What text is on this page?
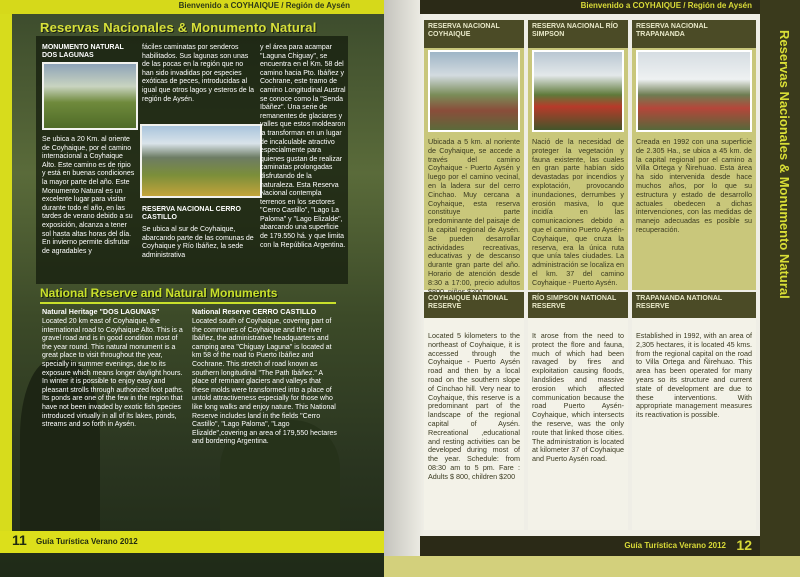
Bienvenido a COYHAIQUE / Región de Aysén
Reservas Nacionales & Monumento Natural
MONUMENTO NATURAL DOS LAGUNAS
RESERVA NACIONAL CERRO CASTILLO
Se ubica a 20 Km. al oriente de Coyhaique, por el camino internacional a Coyhaique Alto. Este camino es de ripio y está en buenas condiciones la mayor parte del año. Este Monumento Natural es un excelente lugar para visitar durante todo el año, en las tardes de verano debido a su exposición, alcanza a tener sol hasta altas horas del día. En invierno permite disfrutar de agradables y
fáciles caminatas por senderos habilitados. Sus lagunas son unas de las pocas en la región que no han sido invadidas por especies exóticas de peces, introducidas al igual que otros lagos y esteros de la región de Aysén.
Se ubica al sur de Coyhaique, abarcando parte de las comunas de Coyhaique y Río Ibáñez, la sede administrativa
y el área para acampar "Laguna Chiguay", se encuentra en el Km. 58 del camino hacia Pto. Ibáñez y Cochrane, este tramo de camino Longitudinal Austral se conoce como la "Senda Ibáñez". Una serie de remanentes de glaciares y valles que estos moldearon la transforman en un lugar de incalculable atractivo especialmente para quienes gustan de realizar caminatas prolongadas disfrutando de la naturaleza. Esta Reserva Nacional contempla terrenos en los sectores "Cerro Castillo", "Lago La Paloma" y "Lago Elizalde", abarcando una superficie de 179.550 há. y que limita con la República Argentina.
National Reserve and Natural Monuments
Natural Heritage "DOS LAGUNAS"
Located 20 km east of Coyhaique, the international road to Coyhaique Alto. This is a gravel road and is in good condition most of the year round. This natural monument is a great place to visit throughout the year, specially in summer evenings, due to its exposure which means longer daylight hours. In winter it is possible to enjoy easy and pleasant strolls through authorized foot paths. Its ponds are one of the few in the region that have not been invaded by exotic fish species introduced virtually in all of its lakes, ponds, streams and so forth in Aysén.
National Reserve CERRO CASTILLO
Located south of Coyhaique, covering part of the communes of Coyhaique and the river Ibáñez, the administrative headquarters and camping area "Chiguay Laguna" is located at km 58 of the road to Puerto Ibáñez and Cochrane. This stretch of road known as southern longitudinal "The Path Ibáñez." A place of remnant glaciers and valleys that these molds were transformed into a place of untold attractiveness especially for those who like long walks and enjoy nature. This National Reserve includes land in the fields "Cerro Castillo", "Lago Paloma", "Lago Elizalde",covering an area of 179,550 hectares and bordering Argentina.
11 Guía Turística Verano 2012
Bienvenido a COYHAIQUE / Región de Aysén
RESERVA NACIONAL COYHAIQUE
Ubicada a 5 km. al noriente de Coyhaique, se accede a través del camino Coyhaique - Puerto Aysén y luego por el camino vecinal, en la ladera sur del cerro Cinchao. Muy cercana a Coyhaique, esta reserva constituye parte predominante del paisaje de la capital regional de Aysén. Se pueden desarrollar actividades recreativas, educativas y de descanso durante gran parte del año. Horario de atención desde 8:30 a 17:00, precio adultos
COYHAIQUE NATIONAL RESERVE
Located 5 kilometers to the northeast of Coyhaique, it is accessed through the Coyhaique - Puerto Aysén road and then by a local road on the southern slope of Cinchao hill. Very near to Coyhaique, this reserve is a predominant part of the landscape of the regional capital of Aysén. Recreational ,educational and resting activities can be developed during most of the year. Schedule: from 08:30 am to 5 pm. Fare : Adults $ 800, children $200
RESERVA NACIONAL RÍO SIMPSON
Nació de la necesidad de proteger la vegetación y fauna existente, las cuales en gran parte habían sido devastadas por incendios y explotación, provocando inundaciones, derrumbes y erosión masiva, lo que incidía en las comunicaciones debido a que el camino Puerto Aysén-Coyhaique, que cruza la reserva, era la única ruta que unía tales ciudades. La administración se localiza en el km. 37 del camino Coyhaique - Puerto Aysén.
RÍO SIMPSON NATIONAL RESERVE
It arose from the need to protect the flore and fauna, much of which had been ravaged by fires and exploitation causing floods, landslides and massive erosion which affected communication because the road Puerto Aysén-Coyhaique, which intersects the reserve, was the only route that linked those cities. The administration is located at kilometer 37 of Coyhaique and Puerto Aysén road.
RESERVA NACIONAL TRAPANANDA
Creada en 1992 con una superficie de 2.305 Ha., se ubica a 45 km. de la capital regional por el camino a Villa Ortega y Ñirehuao. Esta área ha sido intervenida desde hace muchos años, por lo que su estructura y estado de desarrollo actuales obedecen a dichas intervenciones, con las medidas de manejo adecuadas es posible su recuperación.
TRAPANANDA NATIONAL RESERVE
Established in 1992, with an area of 2,305 hectares, it is located 45 kms. from the regional capital on the road to Villa Ortega and Ñirehuao. This area has been operated for many years so its structure and current state of development are due to these interventions. With appropriate management measures its reactivation is possible.
Reservas Nacionales & Monumento Natural
Guía Turística Verano 2012 12
